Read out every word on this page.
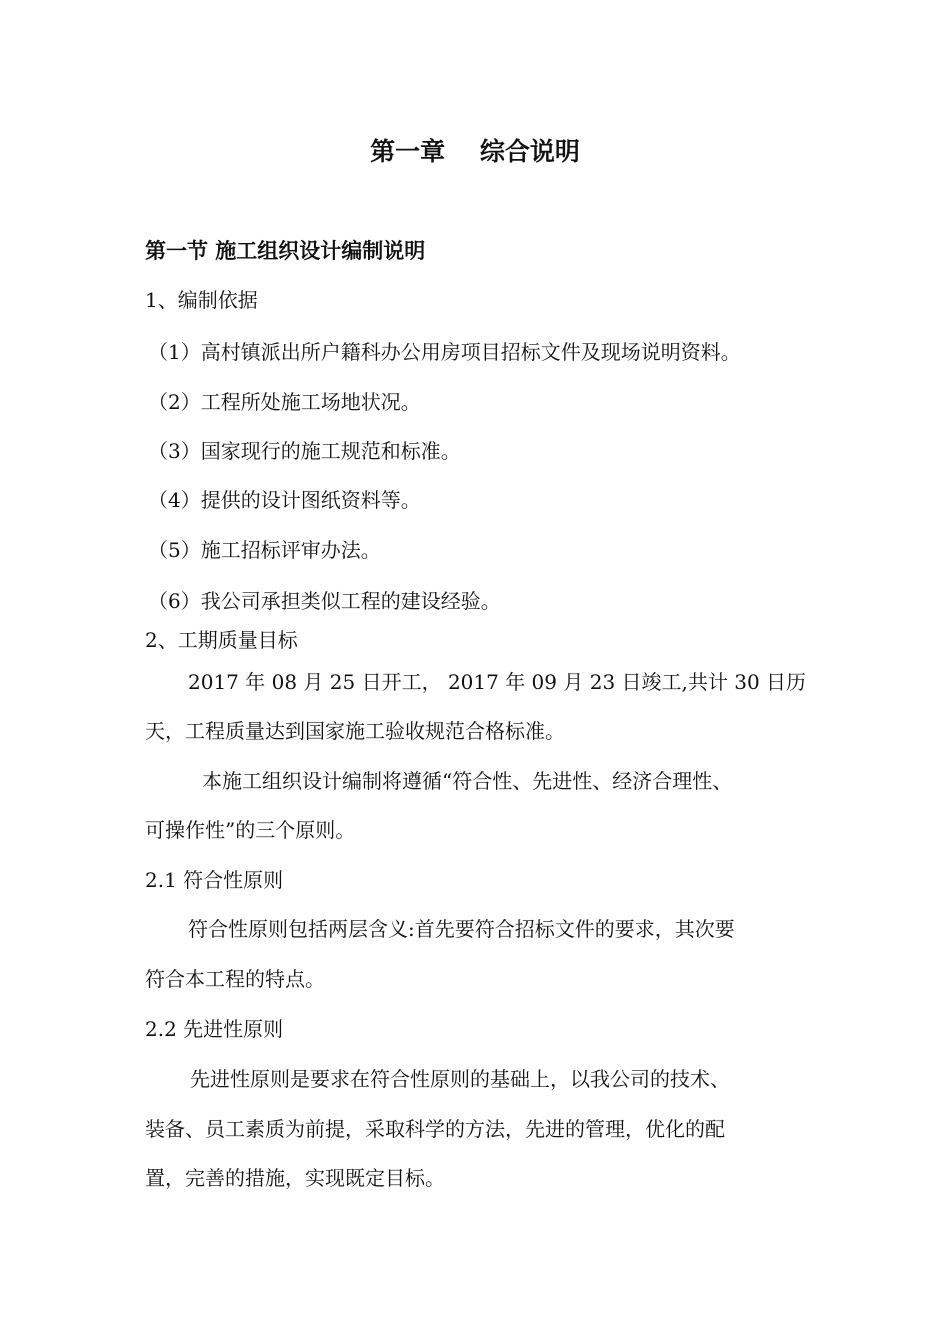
第一章    综合说明
第一节 施工组织设计编制说明
1、编制依据
（1）高村镇派出所户籍科办公用房项目招标文件及现场说明资料。
（2）工程所处施工场地状况。
（3）国家现行的施工规范和标准。
（4）提供的设计图纸资料等。
（5）施工招标评审办法。
（6）我公司承担类似工程的建设经验。
2、工期质量目标
2017 年 08 月 25 日开工， 2017 年 09 月 23 日竣工,共计 30 日历
天，工程质量达到国家施工验收规范合格标准。
本施工组织设计编制将遵循“符合性、先进性、经济合理性、
可操作性”的三个原则。
2.1 符合性原则
符合性原则包括两层含义:首先要符合招标文件的要求，其次要
符合本工程的特点。
2.2 先进性原则
先进性原则是要求在符合性原则的基础上，以我公司的技术、
装备、员工素质为前提，采取科学的方法，先进的管理，优化的配
置，完善的措施，实现既定目标。
